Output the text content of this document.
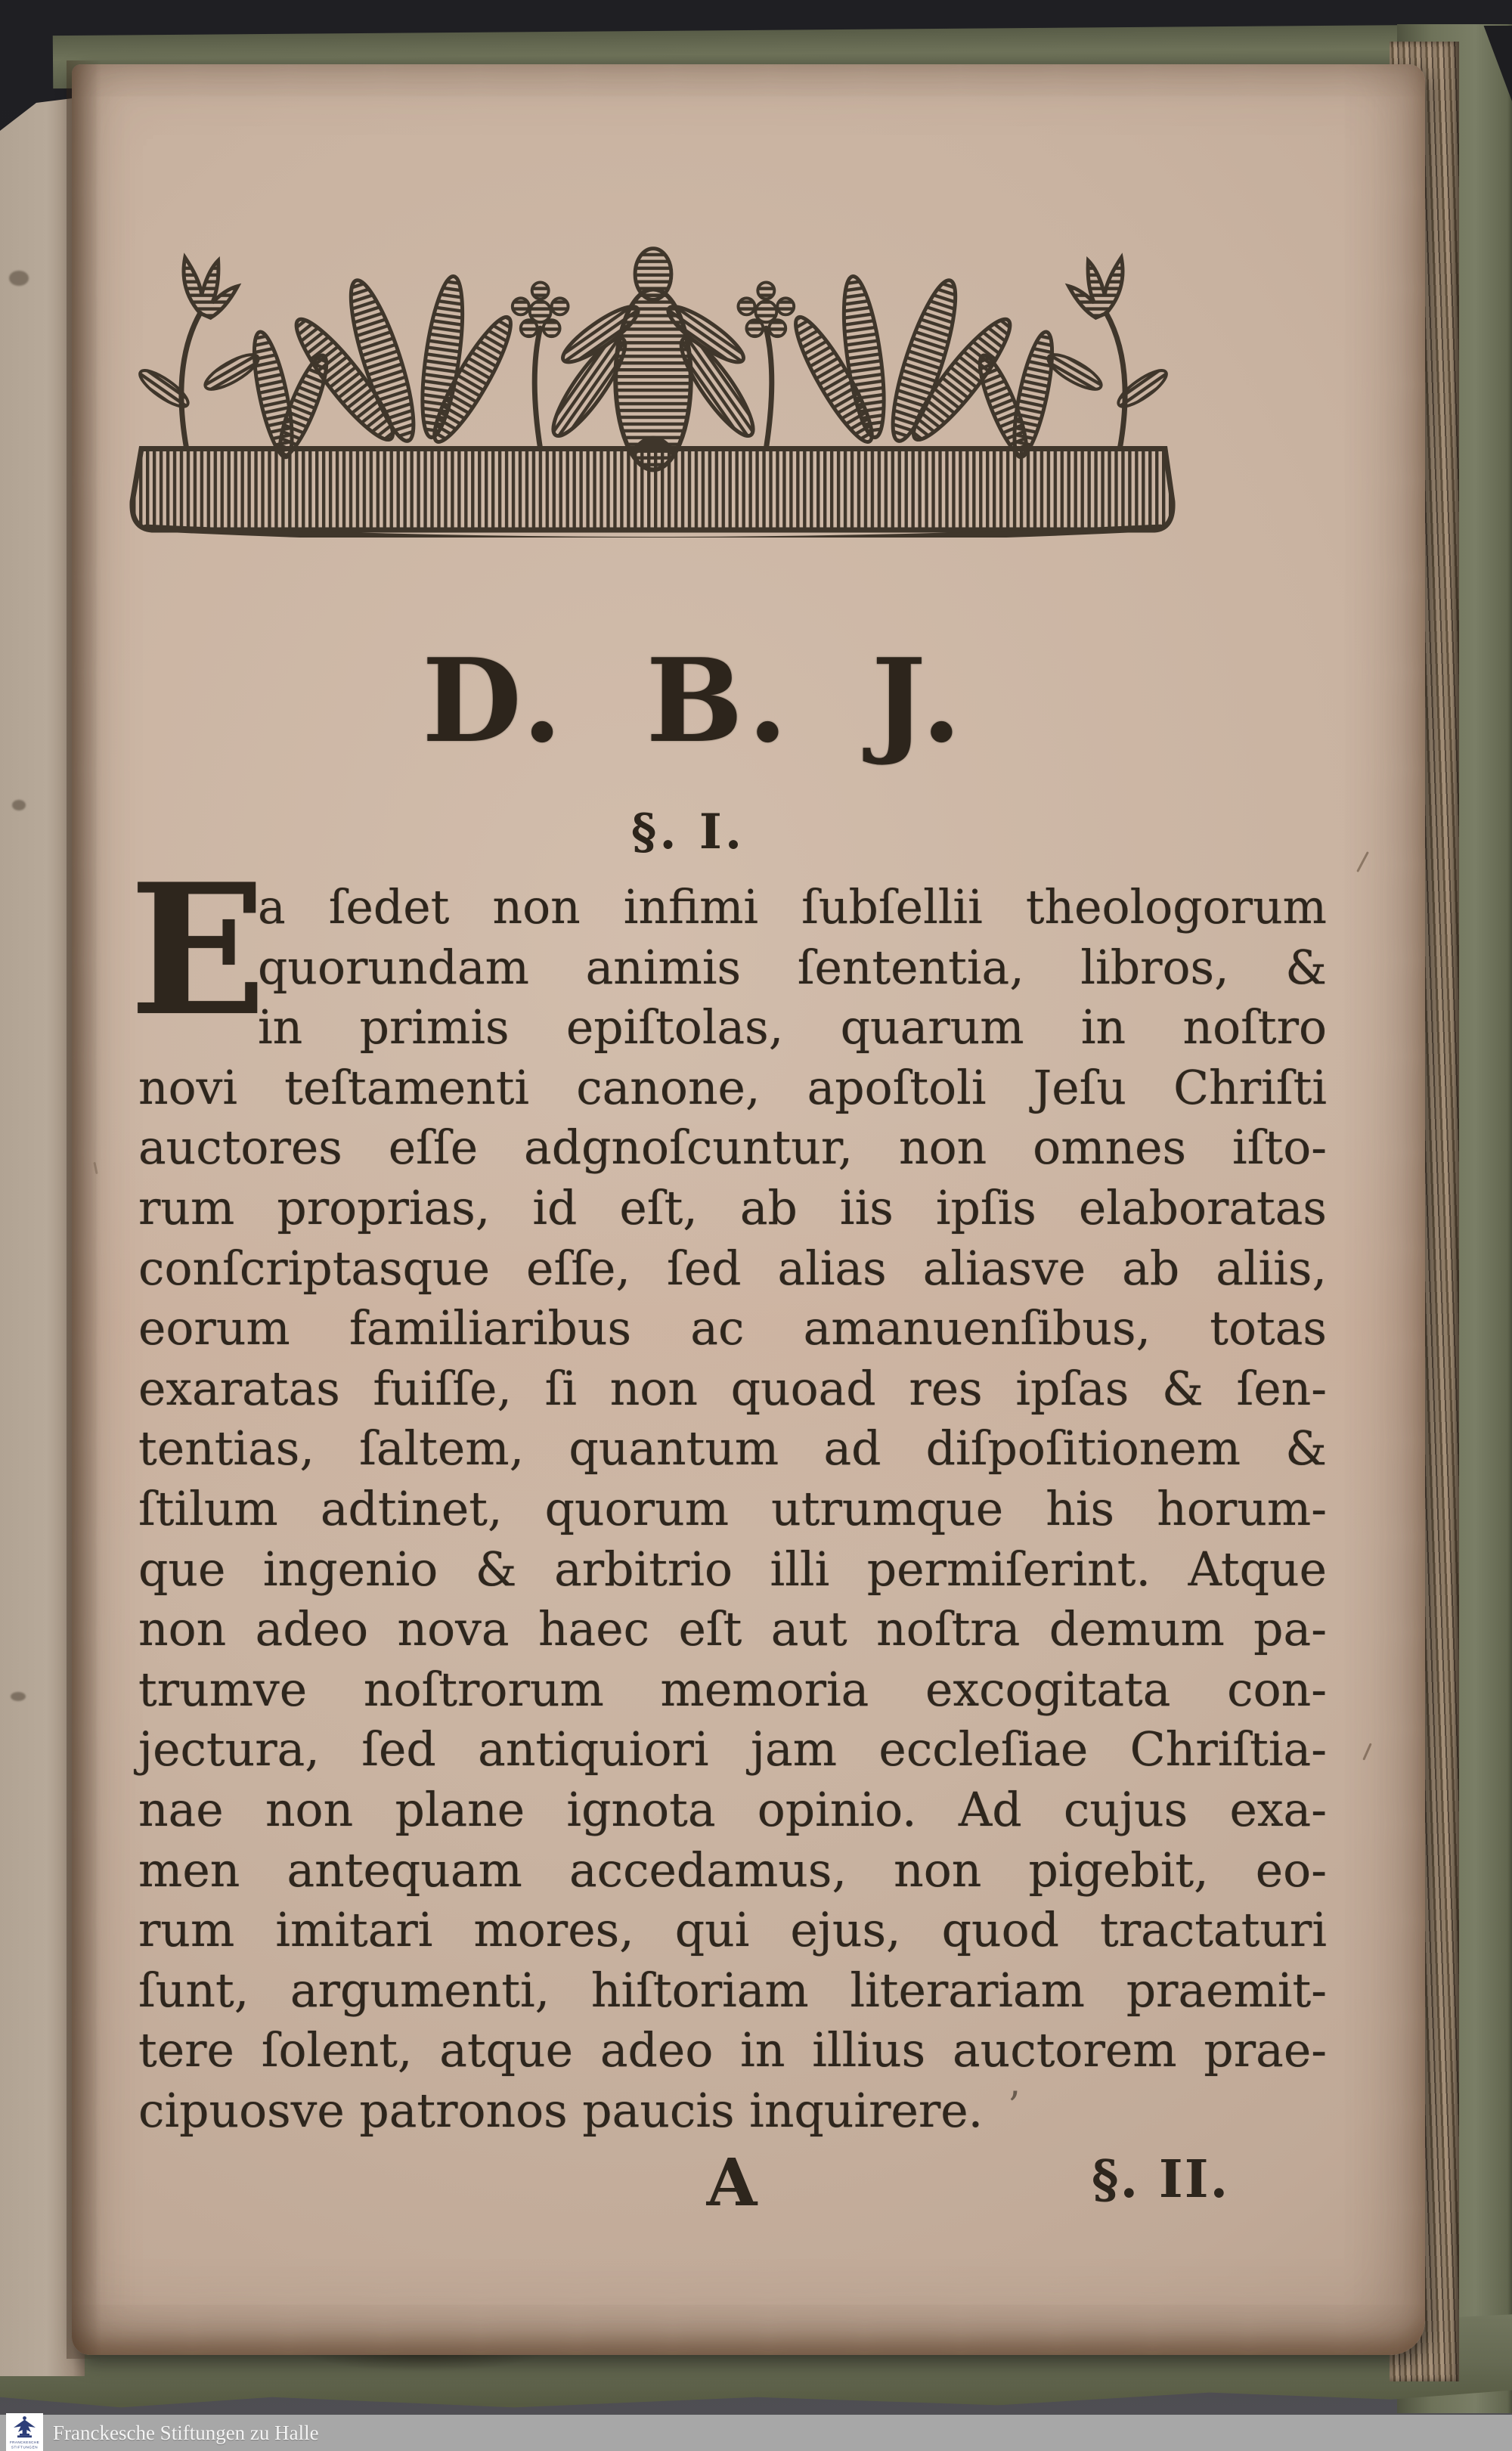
D. B. J.
§. I.
E
a ſedet non infimi ſubſellii theologorum
quorundam animis ſententia, libros, &
in primis epiſtolas, quarum in noſtro
novi teſtamenti canone, apoſtoli Jeſu Chriſti
auctores eſſe adgnoſcuntur, non omnes iſto-
rum proprias, id eſt, ab iis ipſis elaboratas
conſcriptasque eſſe, ſed alias aliasve ab aliis,
eorum familiaribus ac amanuenſibus, totas
exaratas fuiſſe, ſi non quoad res ipſas & ſen-
tentias, ſaltem, quantum ad diſpoſitionem &
ſtilum adtinet, quorum utrumque his horum-
que ingenio & arbitrio illi permiſerint. Atque
non adeo nova haec eſt aut noſtra demum pa-
trumve noſtrorum memoria excogitata con-
jectura, ſed antiquiori jam eccleſiae Chriſtia-
nae non plane ignota opinio. Ad cujus exa-
men antequam accedamus, non pigebit, eo-
rum imitari mores, qui ejus, quod tractaturi
ſunt, argumenti, hiſtoriam literariam praemit-
tere ſolent, atque adeo in illius auctorem prae-
cipuosve patronos paucis inquirere.
A	§. II.
’
FRANCKESCHE
STIFTUNGEN
Franckesche Stiftungen zu Halle
